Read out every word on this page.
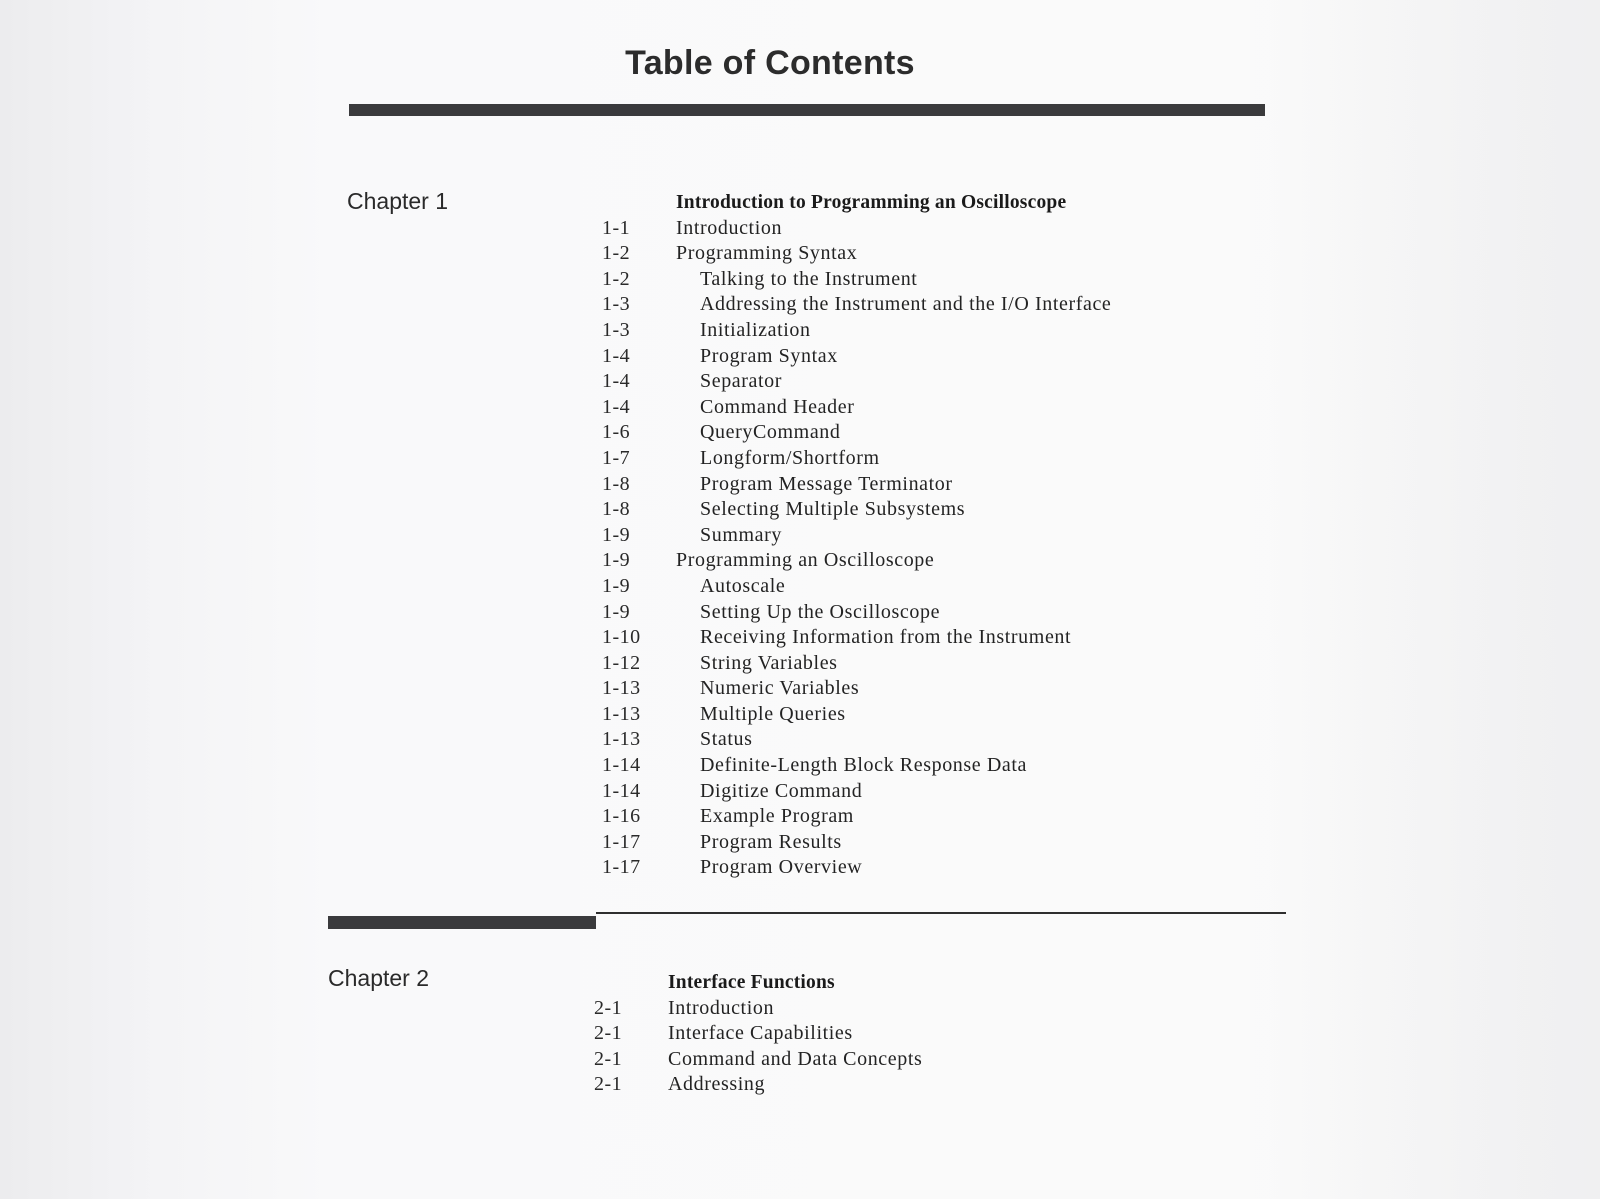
Table of Contents
Chapter 1	Introduction to Programming an Oscilloscope
1-1	Introduction
1-2	Programming Syntax
1-2	Talking to the Instrument
1-3	Addressing the Instrument and the I/O Interface
1-3	Initialization
1-4	Program Syntax
1-4	Separator
1-4	Command Header
1-6	QueryCommand
1-7	Longform/Shortform
1-8	Program Message Terminator
1-8	Selecting Multiple Subsystems
1-9	Summary
1-9	Programming an Oscilloscope
1-9	Autoscale
1-9	Setting Up the Oscilloscope
1-10	Receiving Information from the Instrument
1-12	String Variables
1-13	Numeric Variables
1-13	Multiple Queries
1-13	Status
1-14	Definite-Length Block Response Data
1-14	Digitize Command
1-16	Example Program
1-17	Program Results
1-17	Program Overview
Chapter 2	Interface Functions
2-1	Introduction
2-1	Interface Capabilities
2-1	Command and Data Concepts
2-1	Addressing
